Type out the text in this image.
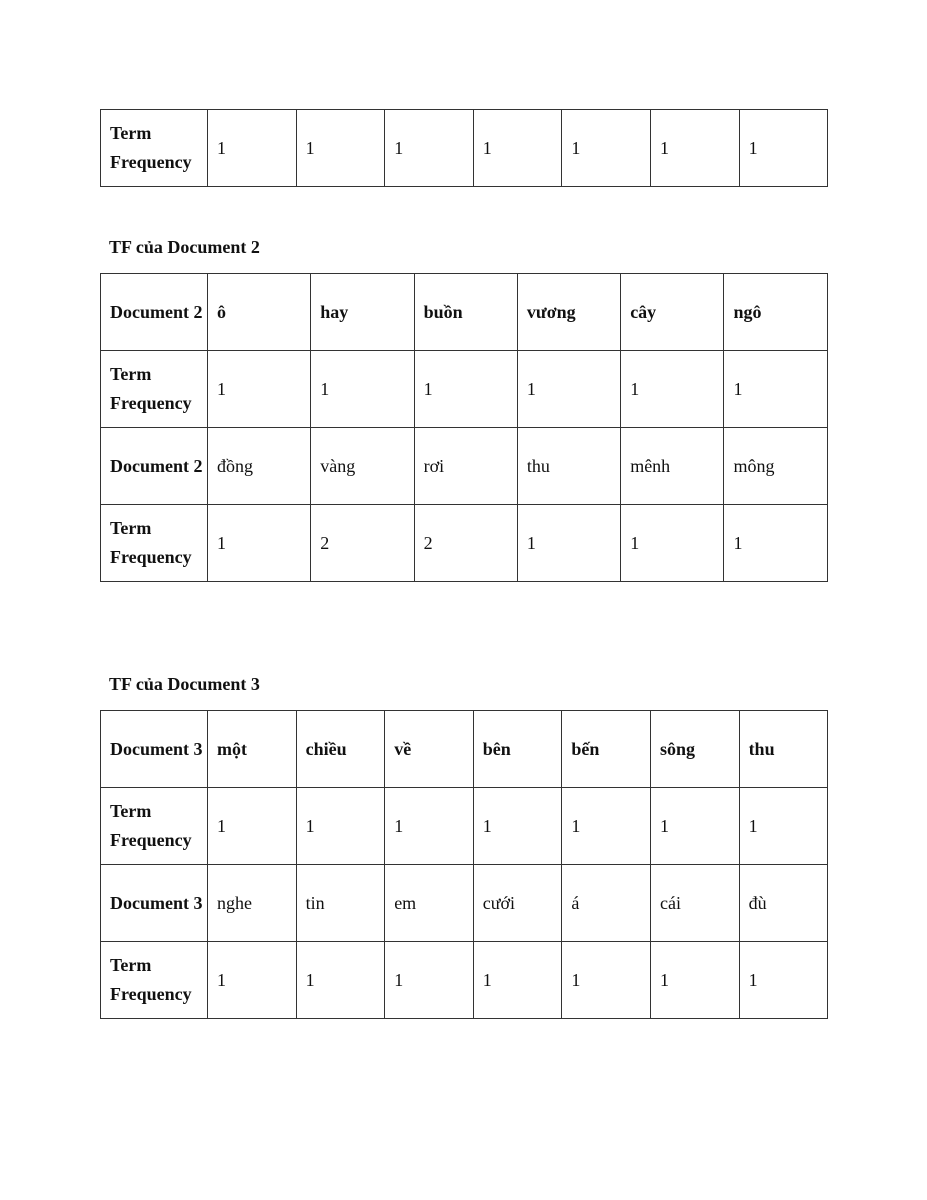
Term Frequency	1	1	1	1	1	1	1

TF của Document 2

Document 2	ô	hay	buồn	vương	cây	ngô
Term Frequency	1	1	1	1	1	1
Document 2	đồng	vàng	rơi	thu	mênh	mông
Term Frequency	1	2	2	1	1	1

TF của Document 3

Document 3	một	chiều	về	bên	bến	sông	thu
Term Frequency	1	1	1	1	1	1	1
Document 3	nghe	tin	em	cưới	á	cái	đù
Term Frequency	1	1	1	1	1	1	1
